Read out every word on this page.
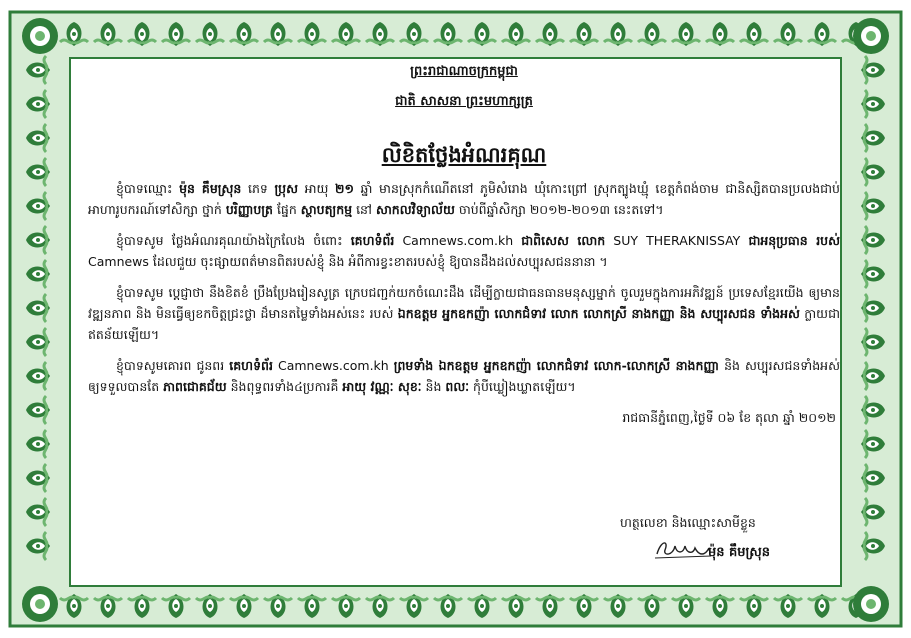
ព្រះរាជាណាចក្រកម្ពុជា
ជាតិ សាសនា ព្រះមហាក្សត្រ
លិខិតថ្លែងអំណរគុណ

ខ្ញុំបាទឈ្មោះ ម៉ុន គឹមស្រុន ភេទ ប្រុស អាយុ ២១ ឆ្នាំ មានស្រុកកំណើតនៅ ភូមិសំរោង ឃុំកោះព្រៅ ស្រុកត្បូងឃ្មុំ ខេត្តកំពង់ចាម ជានិស្សិតបានប្រលងជាប់អាហារូបករណ៍ទៅសិក្សា ថ្នាក់ បរិញ្ញាបត្រ ផ្នែក ស្ថាបត្យកម្ម នៅ សាកលវិទ្យាល័យ ចាប់ពីឆ្នាំសិក្សា ២០១២-២០១៣ នេះតទៅ។

ខ្ញុំបាទសូម ថ្លែងអំណរគុណយ៉ាងក្រៃលែង ចំពោះ គេហទំព័រ Camnews.com.kh ជាពិសេស លោក SUY THERAKNISSAY ជាអនុប្រធាន របស់ Camnews ដែលជួយ ចុះផ្សាយពត៌មានពិតរបស់ខ្ញុំ និង អំពីការខ្វះខាតរបស់ខ្ញុំ ឱ្យបានដឹងដល់សប្បុរសជននានា ។

ខ្ញុំបាទសូម ប្តេជ្ញាថា នឹងខិតខំ ប្រឹងប្រែងរៀនសូត្រ ក្រេបជញ្ជក់យកចំណេះដឹង ដើម្បីក្លាយជាធនធានមនុស្សម្នាក់ ចូលរួមក្នុងការអភិវឌ្ឍន៍ ប្រទេសខ្មែរយើង ឲ្យមានវឌ្ឍនភាព និង មិនធ្វើឲ្យខកចិត្តជ្រះថ្លា ដ៏មានតម្លៃទាំងអស់នេះ របស់ ឯកឧត្តម អ្នកឧកញ៉ា លោកជំទាវ លោក លោកស្រី នាងកញ្ញា និង សប្បុរសជន ទាំងអស់ ក្លាយជាឥតន័យឡើយ។

ខ្ញុំបាទសូមគោរព ជូនពរ គេហទំព័រ Camnews.com.kh ព្រមទាំង ឯកឧត្តម អ្នកឧកញ៉ា លោកជំទាវ លោក-លោកស្រី នាងកញ្ញា និង សប្បុរសជនទាំងអស់ ឲ្យទទួលបានតែ ភាពជោគជ័យ និងពុទ្ធពរទាំង៤ប្រការគឺ អាយុ វណ្ណៈ សុខៈ និង ពលៈ កុំបីឃ្លៀងឃ្លាតឡើយ។

រាជធានីភ្នំពេញ,ថ្ងៃទី ០៦ ខែ តុលា ឆ្នាំ ២០១២
ហត្ថលេខា និងឈ្មោះសាមីខ្លួន
ម៉ុន គឹមស្រុន
